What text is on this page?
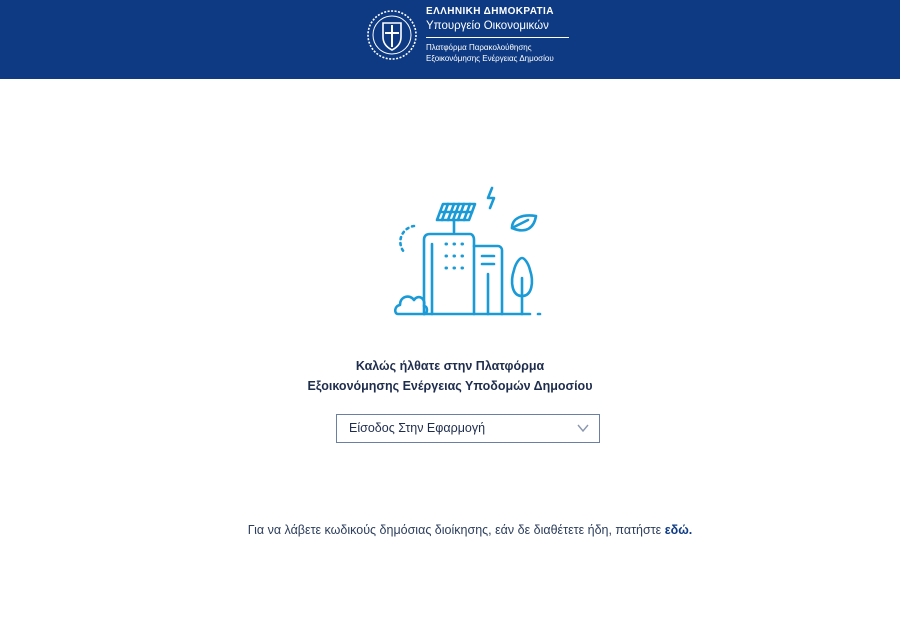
ΕΛΛΗΝΙΚΗ ΔΗΜΟΚΡΑΤΙΑ
Υπουργείο Οικονομικών
Πλατφόρμα Παρακολούθησης
Εξοικονόμησης Ενέργειας Δημοσίου
Καλώς ήλθατε στην Πλατφόρμα
Εξοικονόμησης Ενέργειας Υποδομών Δημοσίου
Είσοδος Στην Εφαρμογή
Για να λάβετε κωδικούς δημόσιας διοίκησης, εάν δε διαθέτετε ήδη, πατήστε εδώ.
